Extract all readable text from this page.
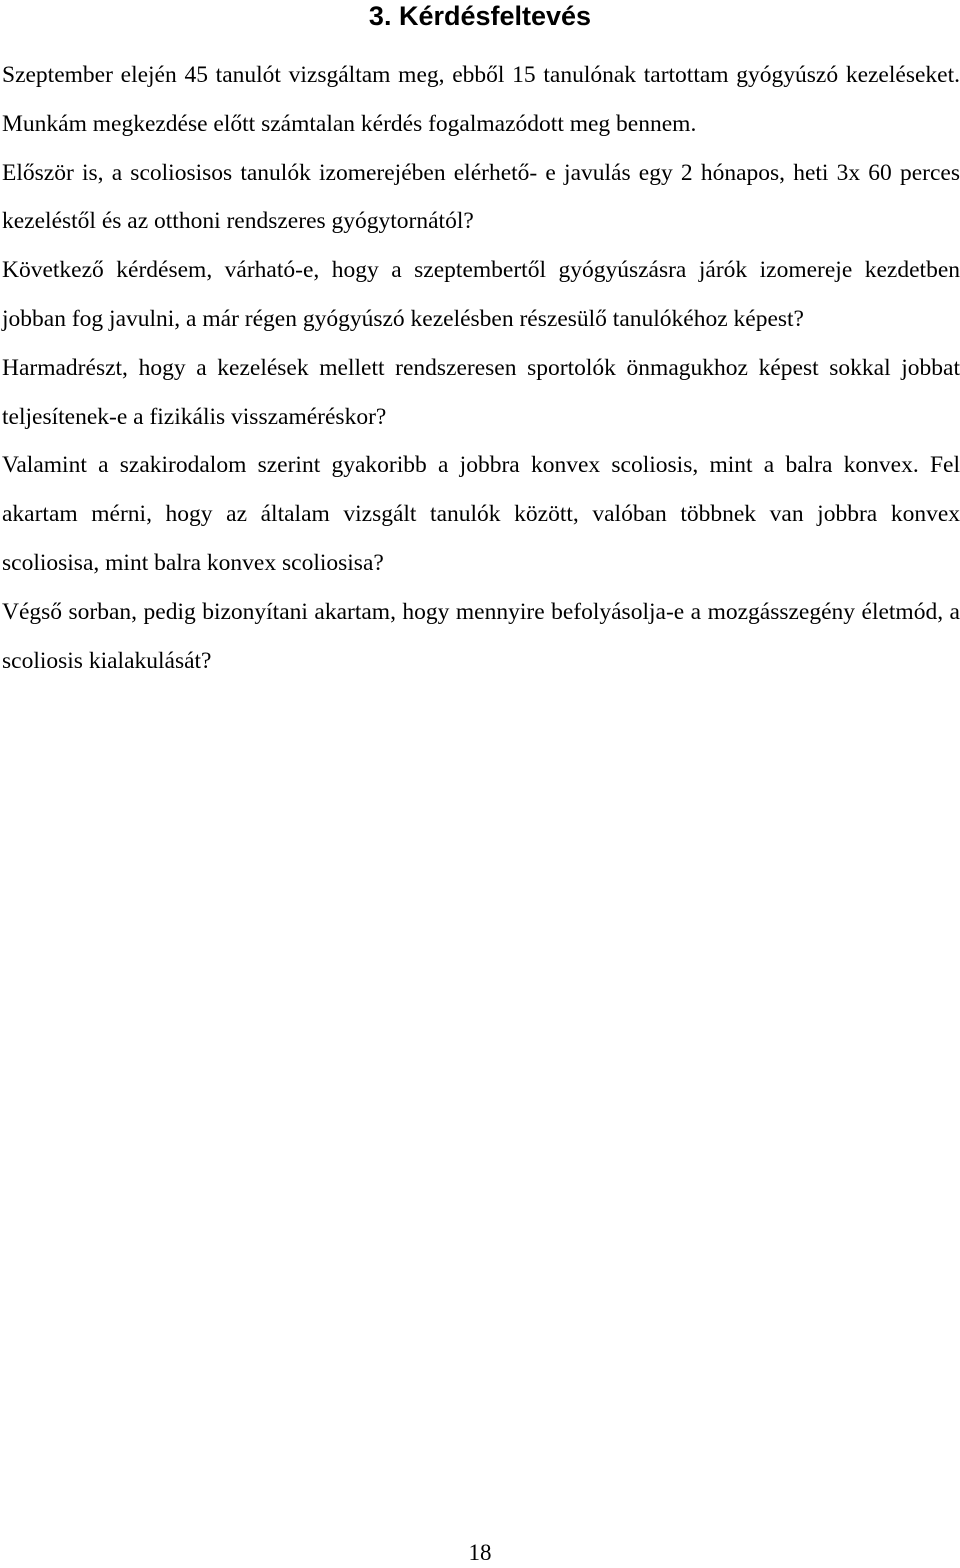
3. Kérdésfeltevés

Szeptember elején 45 tanulót vizsgáltam meg, ebből 15 tanulónak tartottam gyógyúszó kezeléseket. Munkám megkezdése előtt számtalan kérdés fogalmazódott meg bennem.

Először is, a scoliosisos tanulók izomerejében elérhető- e javulás egy 2 hónapos, heti 3x 60 perces kezeléstől és az otthoni rendszeres gyógytornától?

Következő kérdésem, várható-e, hogy a szeptembertől gyógyúszásra járók izomereje kezdetben jobban fog javulni, a már régen gyógyúszó kezelésben részesülő tanulókéhoz képest?

Harmadrészt, hogy a kezelések mellett rendszeresen sportolók önmagukhoz képest sokkal jobbat teljesítenek-e a fizikális visszaméréskor?

Valamint a szakirodalom szerint gyakoribb a jobbra konvex scoliosis, mint a balra konvex. Fel akartam mérni, hogy az általam vizsgált tanulók között, valóban többnek van jobbra konvex scoliosisa, mint balra konvex scoliosisa?

Végső sorban, pedig bizonyítani akartam, hogy mennyire befolyásolja-e a mozgásszegény életmód, a scoliosis kialakulását?

18
